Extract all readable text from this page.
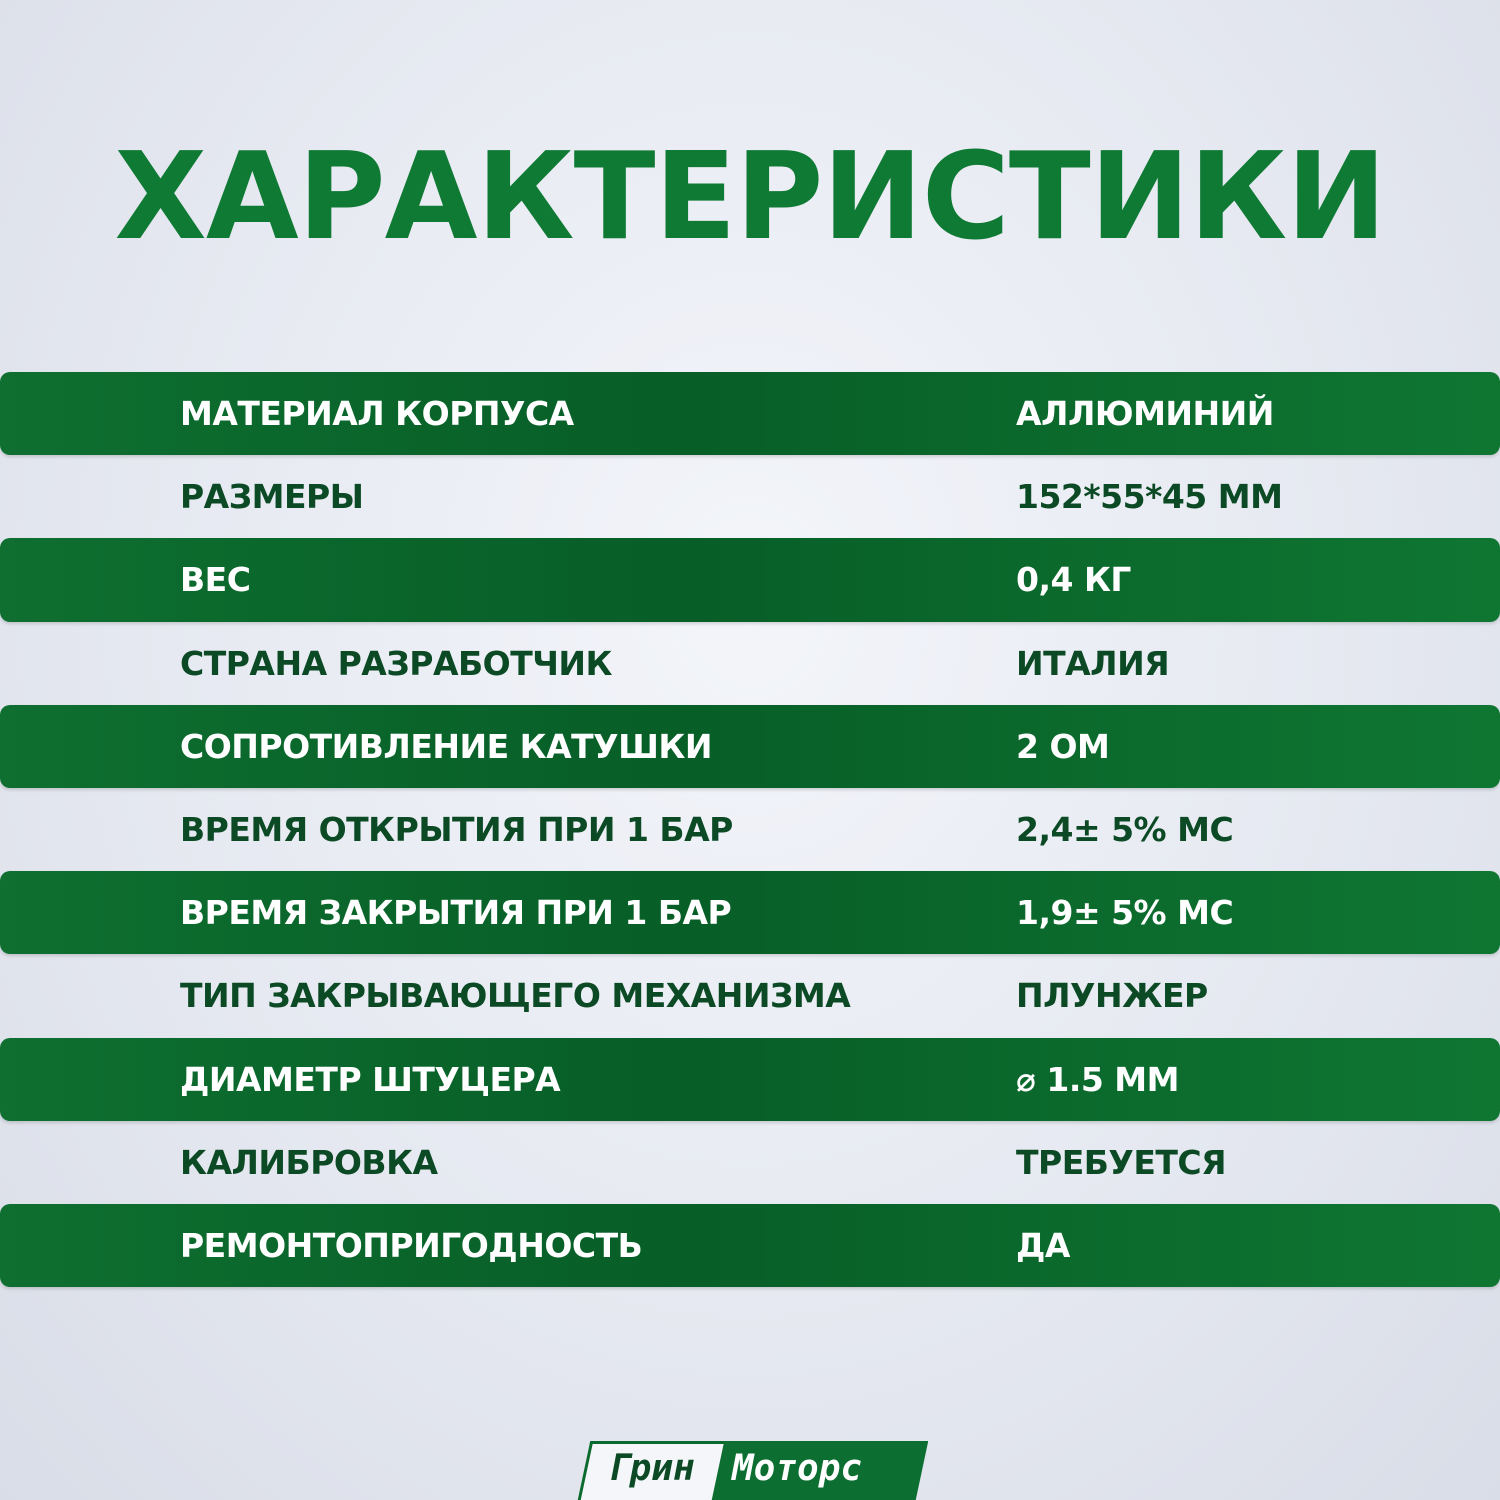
ХАРАКТЕРИСТИКИ
МАТЕРИАЛ КОРПУСА	АЛЛЮМИНИЙ
РАЗМЕРЫ	152*55*45 ММ
ВЕС	0,4 КГ
СТРАНА РАЗРАБОТЧИК	ИТАЛИЯ
СОПРОТИВЛЕНИЕ КАТУШКИ	2 ОМ
ВРЕМЯ ОТКРЫТИЯ ПРИ 1 БАР	2,4± 5% МС
ВРЕМЯ ЗАКРЫТИЯ ПРИ 1 БАР	1,9± 5% МС
ТИП ЗАКРЫВАЮЩЕГО МЕХАНИЗМА	ПЛУНЖЕР
ДИАМЕТР ШТУЦЕРА	⌀ 1.5 ММ
КАЛИБРОВКА	ТРЕБУЕТСЯ
РЕМОНТОПРИГОДНОСТЬ	ДА
Грин Моторс
